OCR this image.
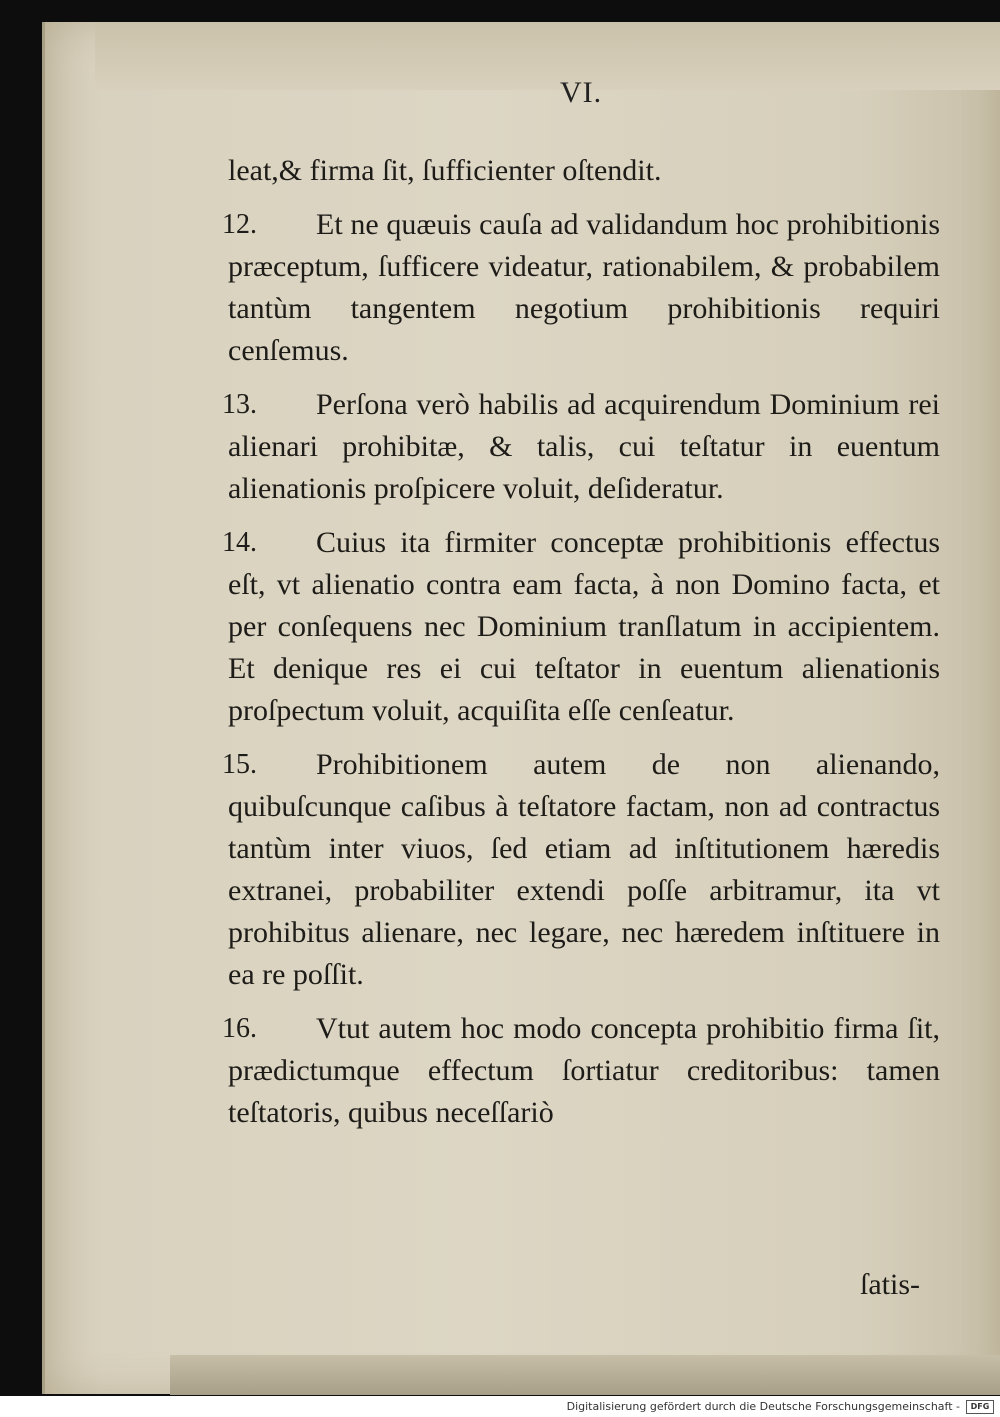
VI.
leat,& firma ſit, ſufficienter oſtendit.
12.	Et ne quæuis cauſa ad validandum hoc prohibitionis præceptum, ſufficere videatur, rationabilem, & probabilem tantùm tangentem negotium prohibitionis requiri cenſemus.
13.	Perſona verò habilis ad acquirendum Dominium rei alienari prohibitæ, & talis, cui teſtatur in euentum alienationis proſpicere voluit, deſideratur.
14.	Cuius ita firmiter conceptæ prohibitionis effectus eſt, vt alienatio contra eam facta, à non Domino facta, et per conſequens nec Dominium tranſlatum in accipientem. Et denique res ei cui teſtator in euentum alienationis proſpectum voluit, acquiſita eſſe cenſeatur.
15.	Prohibitionem autem de non alienando, quibuſcunque caſibus à teſtatore factam, non ad contractus tantùm inter viuos, ſed etiam ad inſtitutionem hæredis extranei, probabiliter extendi poſſe arbitramur, ita vt prohibitus alienare, nec legare, nec hæredem inſtituere in ea re poſſit.
16.	Vtut autem hoc modo concepta prohibitio firma ſit, prædictumque effectum ſortiatur creditoribus: tamen teſtatoris, quibus neceſſariò
ſatis-
Digitalisierung gefördert durch die Deutsche Forschungsgemeinschaft -	DFG
